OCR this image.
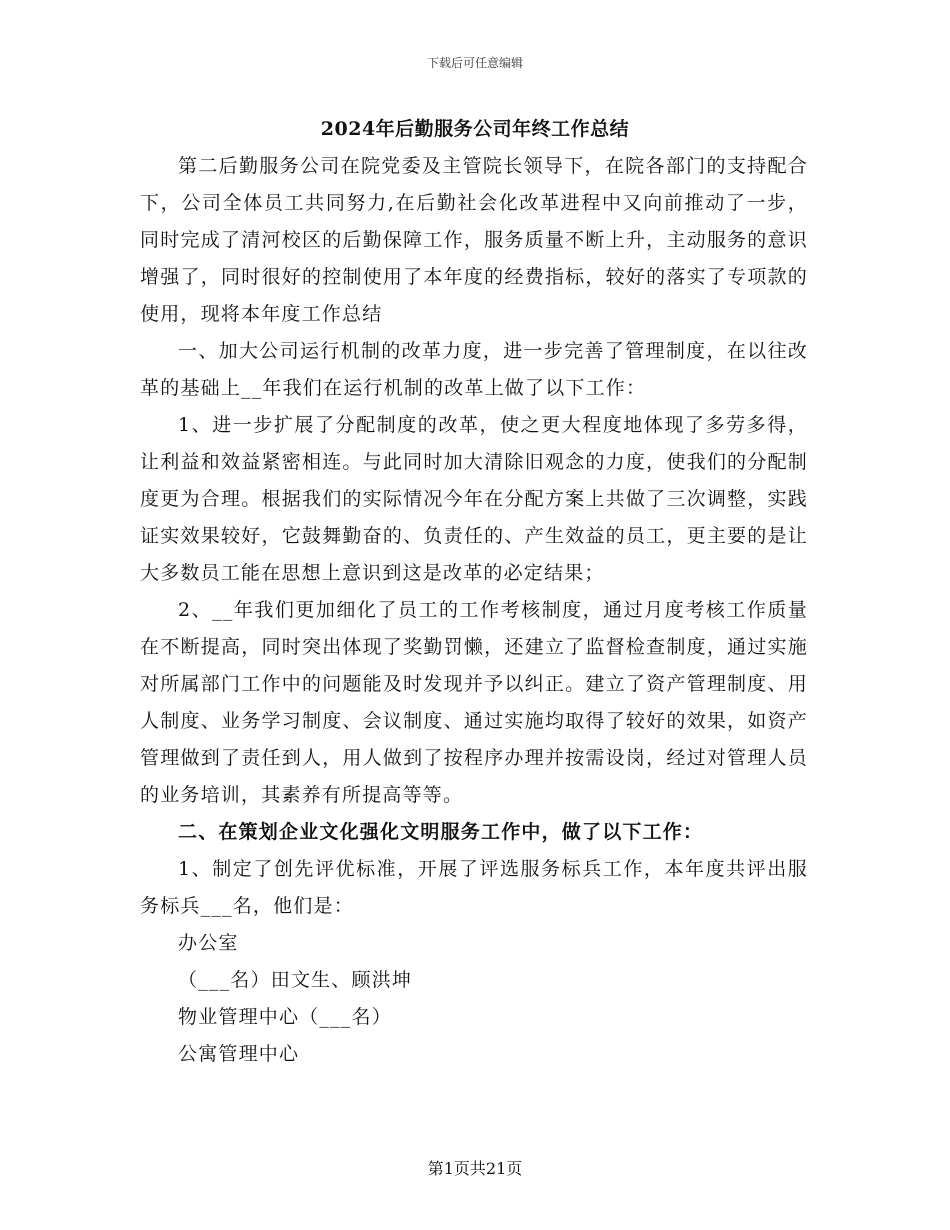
下载后可任意编辑
2024年后勤服务公司年终工作总结

第二后勤服务公司在院党委及主管院长领导下，在院各部门的支持配合下，公司全体员工共同努力,在后勤社会化改革进程中又向前推动了一步，同时完成了清河校区的后勤保障工作，服务质量不断上升，主动服务的意识增强了，同时很好的控制使用了本年度的经费指标，较好的落实了专项款的使用，现将本年度工作总结

一、加大公司运行机制的改革力度，进一步完善了管理制度，在以往改革的基础上__年我们在运行机制的改革上做了以下工作：

1、进一步扩展了分配制度的改革，使之更大程度地体现了多劳多得，让利益和效益紧密相连。与此同时加大清除旧观念的力度，使我们的分配制度更为合理。根据我们的实际情况今年在分配方案上共做了三次调整，实践证实效果较好，它鼓舞勤奋的、负责任的、产生效益的员工，更主要的是让大多数员工能在思想上意识到这是改革的必定结果；

2、__年我们更加细化了员工的工作考核制度，通过月度考核工作质量在不断提高，同时突出体现了奖勤罚懒，还建立了监督检查制度，通过实施对所属部门工作中的问题能及时发现并予以纠正。建立了资产管理制度、用人制度、业务学习制度、会议制度、通过实施均取得了较好的效果，如资产管理做到了责任到人，用人做到了按程序办理并按需设岗，经过对管理人员的业务培训，其素养有所提高等等。

二、在策划企业文化强化文明服务工作中，做了以下工作：

1、制定了创先评优标准，开展了评选服务标兵工作，本年度共评出服务标兵___名，他们是：

办公室

（___名）田文生、顾洪坤

物业管理中心（___名）

公寓管理中心

第1页共21页
